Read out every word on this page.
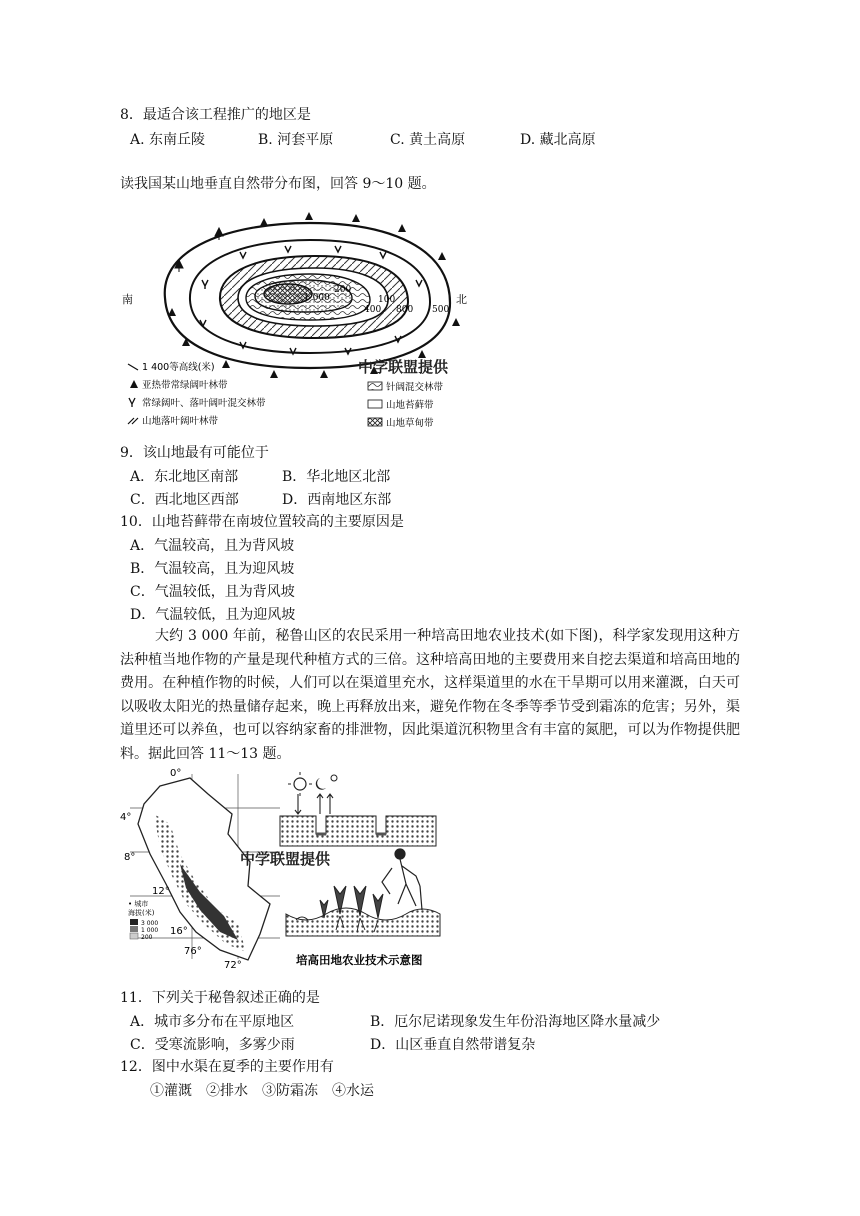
8．最适合该工程推广的地区是
A. 东南丘陵	B. 河套平原	C. 黄土高原	D. 藏北高原
读我国某山地垂直自然带分布图，回答 9～10 题。
南	北
1 000
200
100
400 800 500
中学联盟提供
1 400等高线(米)
亚热带常绿阔叶林带
常绿阔叶、落叶阔叶混交林带
山地落叶阔叶林带
针阔混交林带
山地苔藓带
山地草甸带
9．该山地最有可能位于
A．东北地区南部	B．华北地区北部
C．西北地区西部	D．西南地区东部
10．山地苔藓带在南坡位置较高的主要原因是
A．气温较高，且为背风坡
B．气温较高，且为迎风坡
C．气温较低，且为背风坡
D．气温较低，且为迎风坡
大约 3 000 年前，秘鲁山区的农民采用一种培高田地农业技术(如下图)，科学家发现用这种方法种植当地作物的产量是现代种植方式的三倍。这种培高田地的主要费用来自挖去渠道和培高田地的费用。在种植作物的时候，人们可以在渠道里充水，这样渠道里的水在干旱期可以用来灌溉，白天可以吸收太阳光的热量储存起来，晚上再释放出来，避免作物在冬季等季节受到霜冻的危害；另外，渠道里还可以养鱼，也可以容纳家畜的排泄物，因此渠道沉积物里含有丰富的氮肥，可以为作物提供肥料。据此回答 11～13 题。
0°
4°
8°
12°
16°
76°
72°
• 城市
海拔(米)
3 000
1 000
200
中学联盟提供
培高田地农业技术示意图
11．下列关于秘鲁叙述正确的是
A．城市多分布在平原地区	B．厄尔尼诺现象发生年份沿海地区降水量减少
C．受寒流影响，多雾少雨	D．山区垂直自然带谱复杂
12．图中水渠在夏季的主要作用有
①灌溉　②排水　③防霜冻　④水运
